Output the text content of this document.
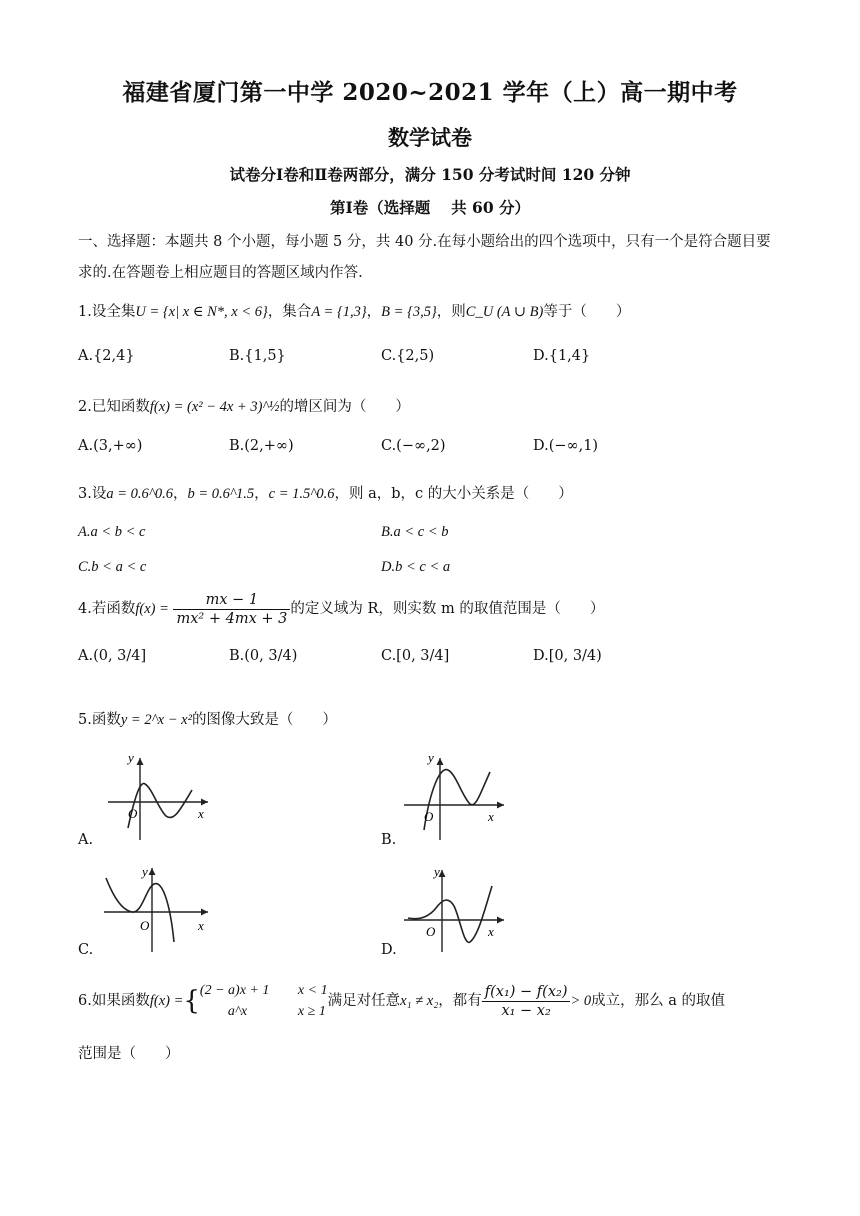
福建省厦门第一中学 2020~2021 学年（上）高一期中考
数学试卷
试卷分Ⅰ卷和Ⅱ卷两部分，满分 150 分考试时间 120 分钟
第Ⅰ卷（选择题　 共 60 分）
一、选择题：本题共 8 个小题，每小题 5 分，共 40 分.在每小题给出的四个选项中，只有一个是符合题目要
求的.在答题卷上相应题目的答题区域内作答.
1.设全集U = {x| x ∈ N*, x < 6}，集合A = {1,3}，B = {3,5}，则C_U (A ∪ B)等于（　　）
A.{2,4}	B.{1,5}	C.{2,5)	D.{1,4}
2.已知函数f(x) = (x² − 4x + 3)^½的增区间为（　　）
A.(3,+∞)	B.(2,+∞)	C.(−∞,2)	D.(−∞,1)
3.设a = 0.6^0.6，b = 0.6^1.5，c = 1.5^0.6，则 a，b，c 的大小关系是（　　）
A.a < b < c	B.a < c < b
C.b < a < c	D.b < c < a
4.若函数$f(x) = \frac{mx - 1}{\text{mx² + 4mx + 3}}$ 的定义域为 R，则实数 m 的取值范围是（　　）
A.(0, 3/4]	B.(0, 3/4)	C.[0, 3/4]	D.[0, 3/4)
5.函数y = 2^x − x²的图像大致是（　　）
y
O	x
A.
y
O	x
B.
y
O	x
C.
y
O	x
D.
6.如果函数f(x) ={ (2 − a)x + 1 x < 1
a^x	x ≥ 1
满足对任意x₁ ≠ x₂，都有 $\frac{\text{f(x₁) − f(x₂)}}{\text{x₁ − x₂}} > 0$成立，那么 a 的取值
范围是（　　）
